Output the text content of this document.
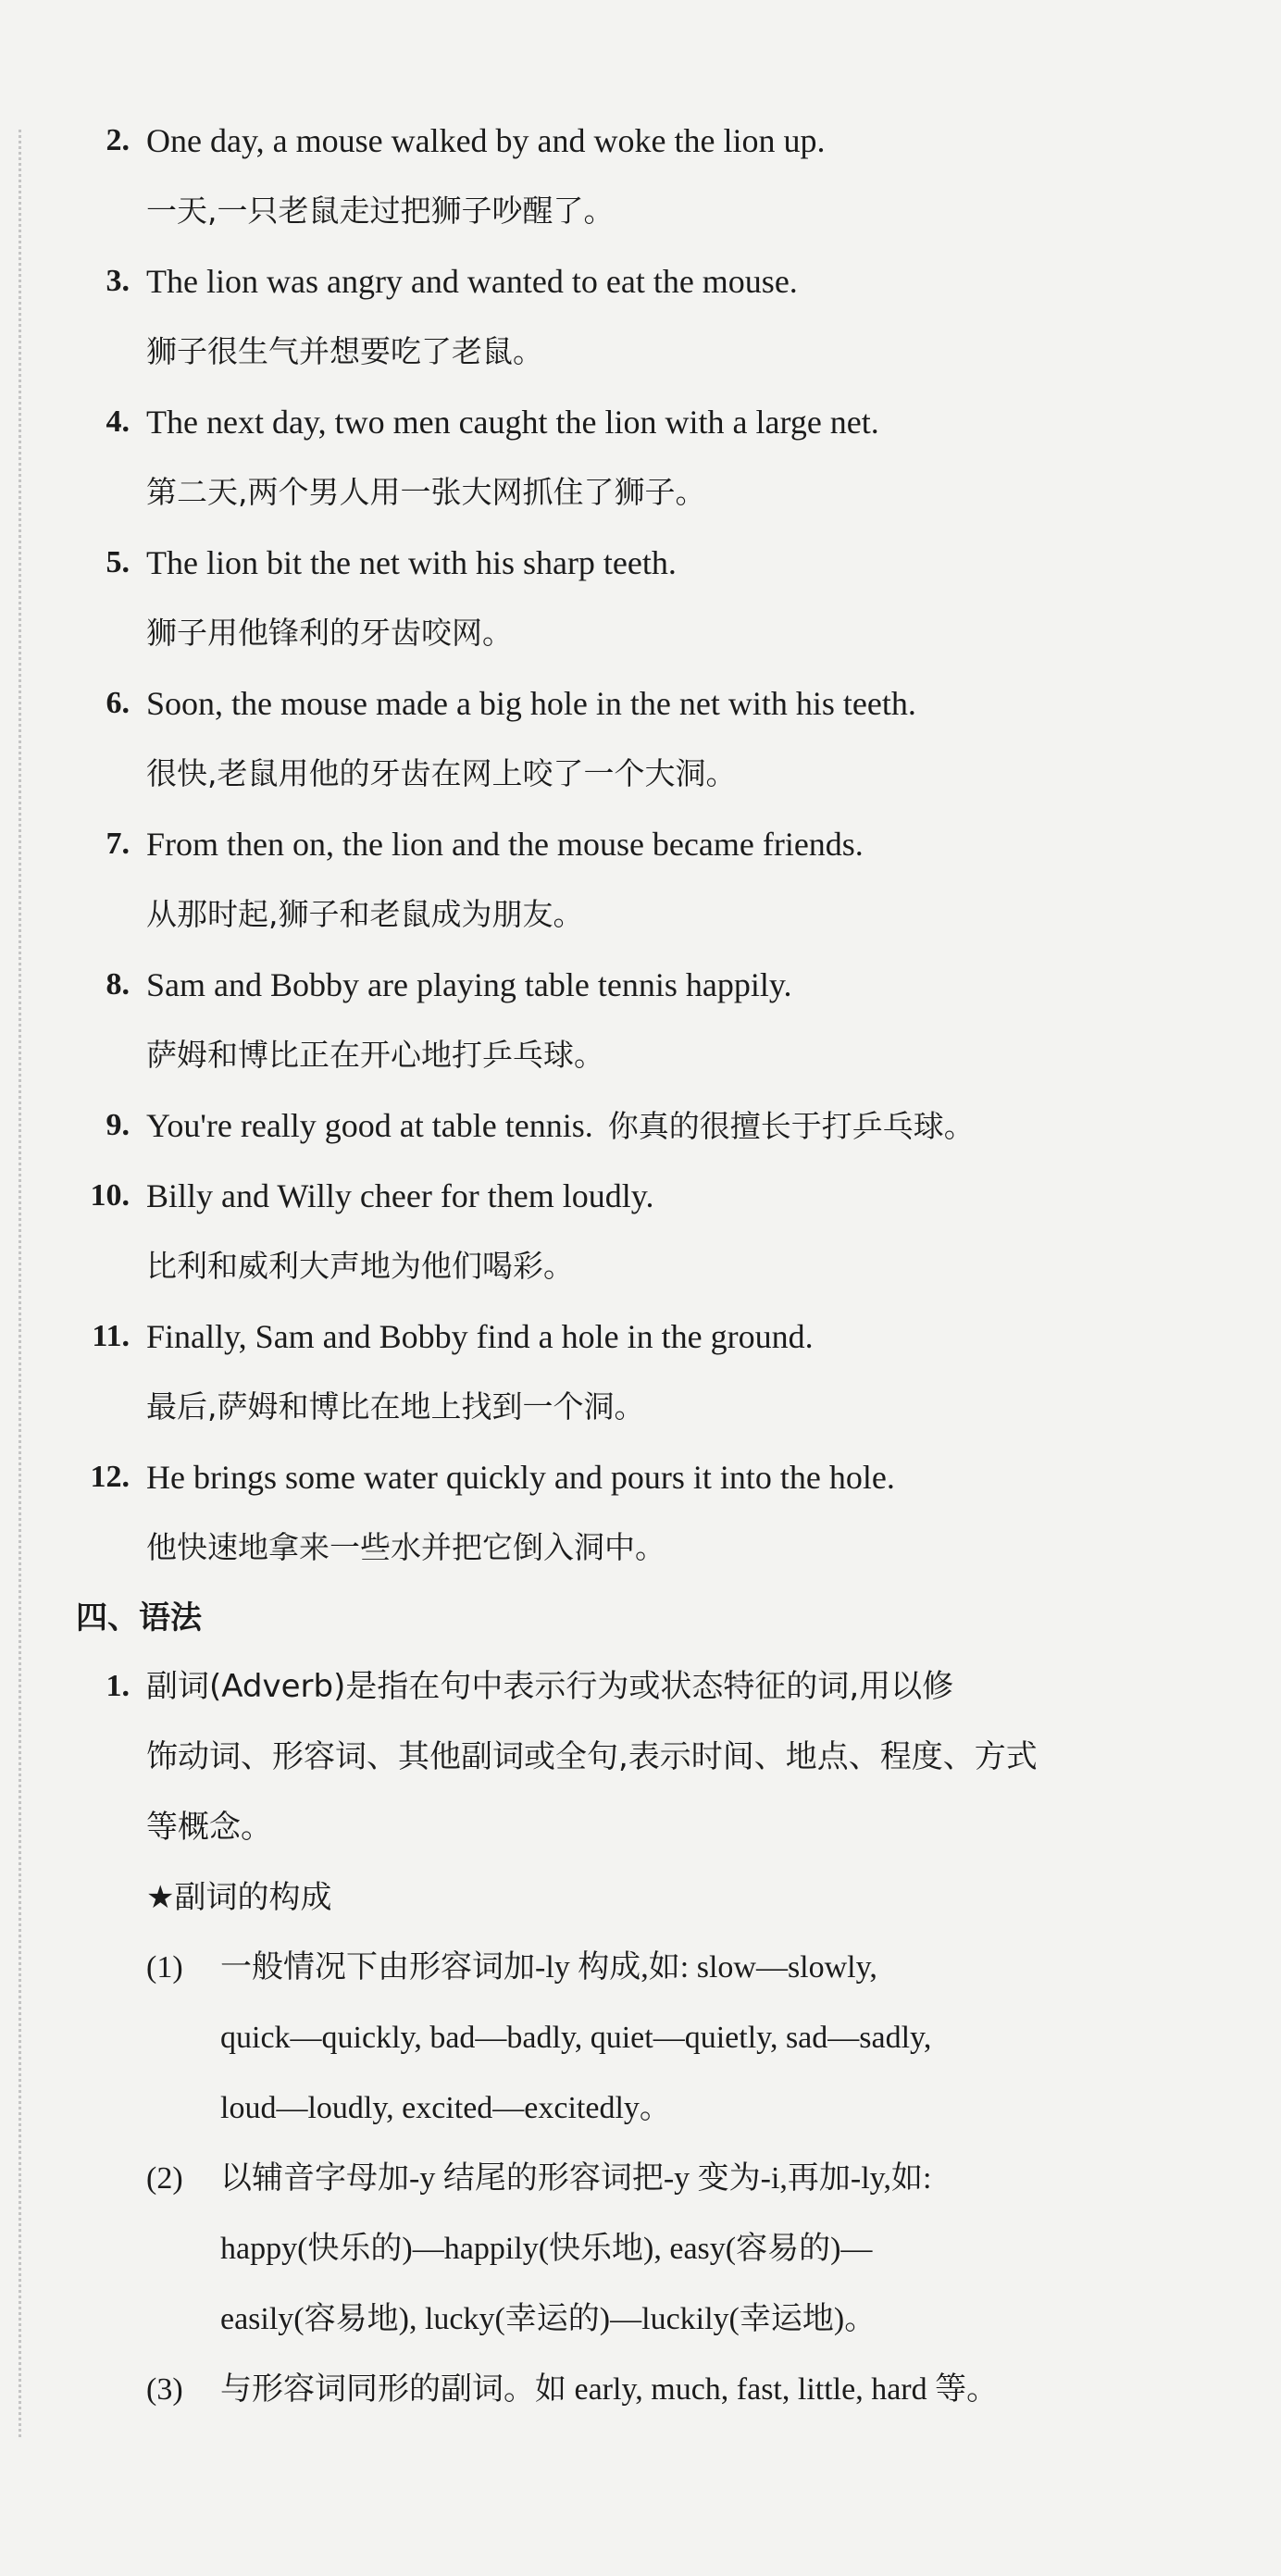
2. One day, a mouse walked by and woke the lion up.
一天,一只老鼠走过把狮子吵醒了。
3. The lion was angry and wanted to eat the mouse.
狮子很生气并想要吃了老鼠。
4. The next day, two men caught the lion with a large net.
第二天,两个男人用一张大网抓住了狮子。
5. The lion bit the net with his sharp teeth.
狮子用他锋利的牙齿咬网。
6. Soon, the mouse made a big hole in the net with his teeth.
很快,老鼠用他的牙齿在网上咬了一个大洞。
7. From then on, the lion and the mouse became friends.
从那时起,狮子和老鼠成为朋友。
8. Sam and Bobby are playing table tennis happily.
萨姆和博比正在开心地打乒乓球。
9. You're really good at table tennis. 你真的很擅长于打乒乓球。
10. Billy and Willy cheer for them loudly.
比利和威利大声地为他们喝彩。
11. Finally, Sam and Bobby find a hole in the ground.
最后,萨姆和博比在地上找到一个洞。
12. He brings some water quickly and pours it into the hole.
他快速地拿来一些水并把它倒入洞中。
四、语法
1. 副词(Adverb)是指在句中表示行为或状态特征的词,用以修
饰动词、形容词、其他副词或全句,表示时间、地点、程度、方式
等概念。
★副词的构成
(1) 一般情况下由形容词加-ly 构成,如: slow—slowly,
quick—quickly, bad—badly, quiet—quietly, sad—sadly,
loud—loudly, excited—excitedly。
(2) 以辅音字母加-y 结尾的形容词把-y 变为-i,再加-ly,如:
happy(快乐的)—happily(快乐地), easy(容易的)—
easily(容易地), lucky(幸运的)—luckily(幸运地)。
(3) 与形容词同形的副词。如 early, much, fast, little, hard 等。
